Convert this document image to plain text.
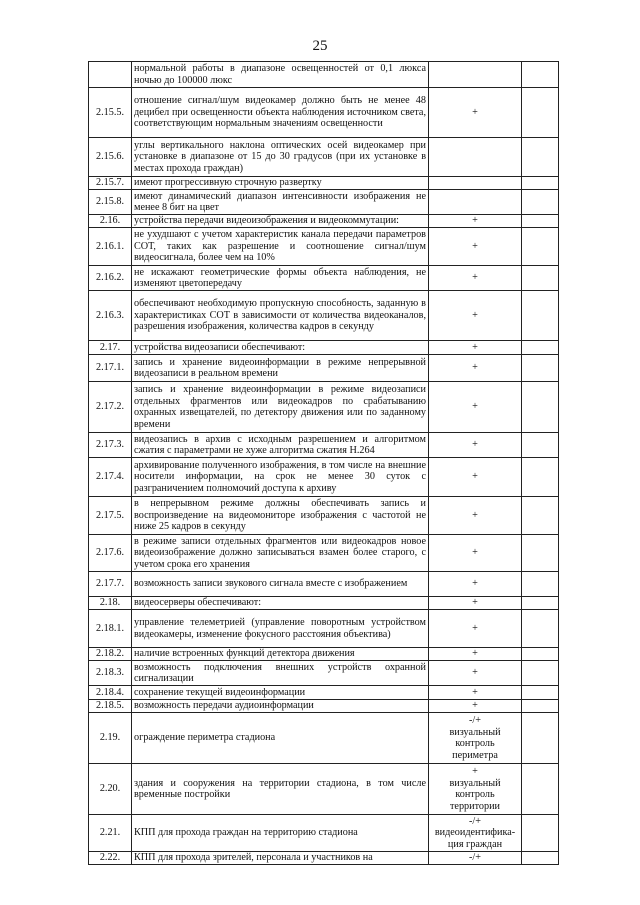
25
	нормальной работы в диапазоне освещенностей от 0,1 люкса ночью до 100000 люкс		
2.15.5.	отношение сигнал/шум видеокамер должно быть не менее 48 децибел при освещенности объекта наблюдения источником света, соответствующим нормальным значениям освещенности	+	

2.15.6.	углы вертикального наклона оптических осей видеокамер при установке в диапазоне от 15 до 30 градусов (при их установке в местах прохода граждан)		
2.15.7.	имеют прогрессивную строчную развертку		
2.15.8.	имеют динамический диапазон интенсивности изображения не менее 8 бит на цвет		
2.16.	устройства передачи видеоизображения и видеокоммутации:	+	

2.16.1.	не ухудшают с учетом характеристик канала передачи параметров СОТ, таких как разрешение и соотношение сигнал/шум видеосигнала, более чем на 10%	+	

2.16.2.	не искажают геометрические формы объекта наблюдения, не изменяют цветопередачу	+	

2.16.3.	обеспечивают необходимую пропускную способность, заданную в характеристиках СОТ в зависимости от количества видеоканалов, разрешения изображения, количества кадров в секунду	+	

2.17.	устройства видеозаписи обеспечивают:	+	

2.17.1.	запись и хранение видеоинформации в режиме непрерывной видеозаписи в реальном времени	+	

2.17.2.	запись и хранение видеоинформации в режиме видеозаписи отдельных фрагментов или видеокадров по срабатыванию охранных извещателей, по детектору движения или по заданному времени	+	

2.17.3.	видеозапись в архив с исходным разрешением и алгоритмом сжатия с параметрами не хуже алгоритма сжатия H.264	+	

2.17.4.	архивирование полученного изображения, в том числе на внешние носители информации, на срок не менее 30 суток с разграничением полномочий доступа к архиву	+	

2.17.5.	в непрерывном режиме должны обеспечивать запись и воспроизведение на видеомониторе изображения с частотой не ниже 25 кадров в секунду	+	

2.17.6.	в режиме записи отдельных фрагментов или видеокадров новое видеоизображение должно записываться взамен более старого, с учетом срока его хранения	+	

2.17.7.	возможность записи звукового сигнала вместе с изображением	+	

2.18.	видеосерверы обеспечивают:	+	

2.18.1.	управление телеметрией (управление поворотным устройством видеокамеры, изменение фокусного расстояния объектива)	+	

2.18.2.	наличие встроенных функций детектора движения	+	

2.18.3.	возможность подключения внешних устройств охранной сигнализации	+	

2.18.4.	сохранение текущей видеоинформации	+	

2.18.5.	возможность передачи аудиоинформации	+	

2.19.	ограждение периметра стадиона	-/+
визуальный
контроль
периметра	

2.20.	здания и сооружения на территории стадиона, в том числе временные постройки	+
визуальный
контроль
территории	

2.21.	КПП для прохода граждан на территорию стадиона	-/+
видеоидентифика-
ция граждан	

2.22.	КПП для прохода зрителей, персонала и участников на	-/+	
